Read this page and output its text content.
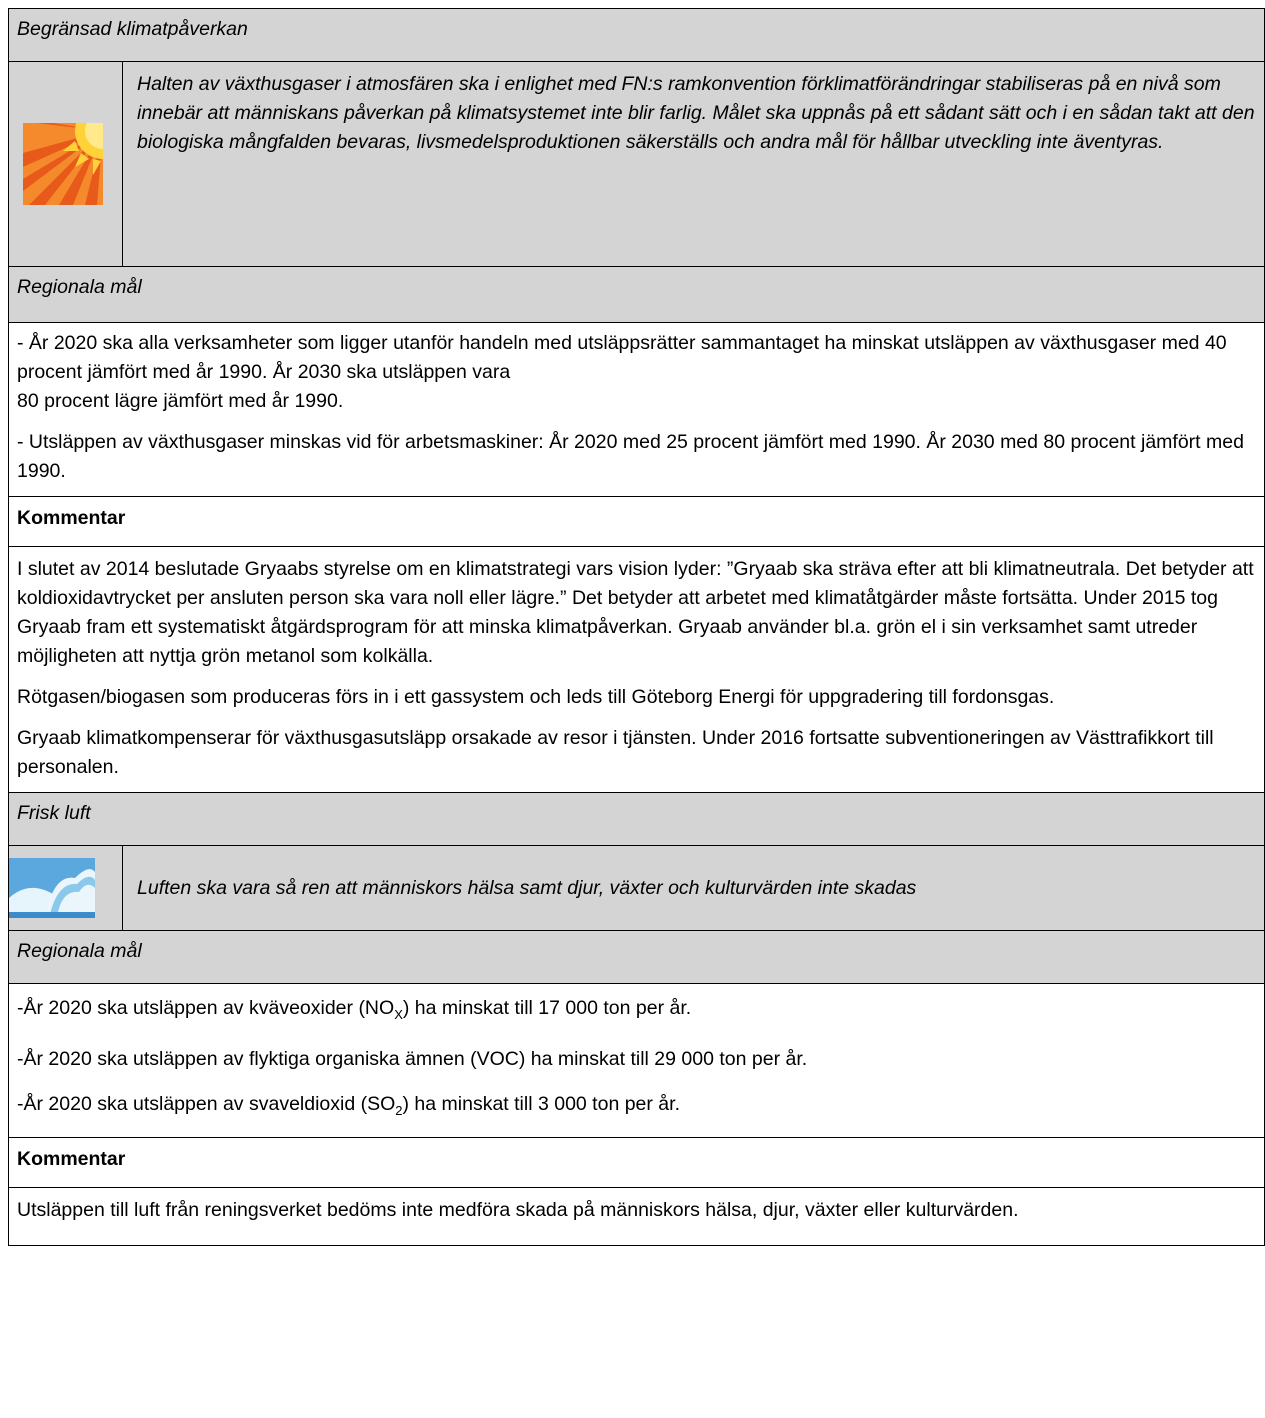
Begränsad klimatpåverkan	

Halten av växthusgaser i atmosfären ska i enlighet med FN:s ramkonvention förklimatförändringar stabiliseras på en nivå som innebär att människans påverkan på klimatsystemet inte blir farlig. Målet ska uppnås på ett sådant sätt och i en sådan takt att den biologiska mångfalden bevaras, livsmedelsproduktionen säkerställs och andra mål för hållbar utveckling inte äventyras.

Regionala mål	

- År 2020 ska alla verksamheter som ligger utanför handeln med utsläppsrätter sammantaget ha minskat utsläppen av växthusgaser med 40 procent jämfört med år 1990. År 2030 ska utsläppen vara

80 procent lägre jämfört med år 1990.

- Utsläppen av växthusgaser minskas vid för arbetsmaskiner: År 2020 med 25 procent jämfört med 1990. År 2030 med 80 procent jämfört med 1990.	

Kommentar	

I slutet av 2014 beslutade Gryaabs styrelse om en klimatstrategi vars vision lyder: ”Gryaab ska sträva efter att bli klimatneutrala. Det betyder att koldioxidavtrycket per ansluten person ska vara noll eller lägre.” Det betyder att arbetet med klimatåtgärder måste fortsätta. Under 2015 tog Gryaab fram ett systematiskt åtgärdsprogram för att minska klimatpåverkan. Gryaab använder bl.a. grön el i sin verksamhet samt utreder möjligheten att nyttja grön metanol som kolkälla.

Rötgasen/biogasen som produceras förs in i ett gassystem och leds till Göteborg Energi för uppgradering till fordonsgas.

Gryaab klimatkompenserar för växthusgasutsläpp orsakade av resor i tjänsten. Under 2016 fortsatte subventioneringen av Västtrafikkort till personalen.	

Frisk luft	

Luften ska vara så ren att människors hälsa samt djur, växter och kulturvärden inte skadas

Regionala mål	

-År 2020 ska utsläppen av kväveoxider $(NO_X)$ ha minskat till 17 000 ton per år.

-År 2020 ska utsläppen av flyktiga organiska ämnen (VOC) ha minskat till 29 000 ton per år.

-År 2020 ska utsläppen av svaveldioxid $(SO_2)$ ha minskat till 3 000 ton per år.	

Kommentar	

Utsläppen till luft från reningsverket bedöms inte medföra skada på människors hälsa, djur, växter eller kulturvärden.	
